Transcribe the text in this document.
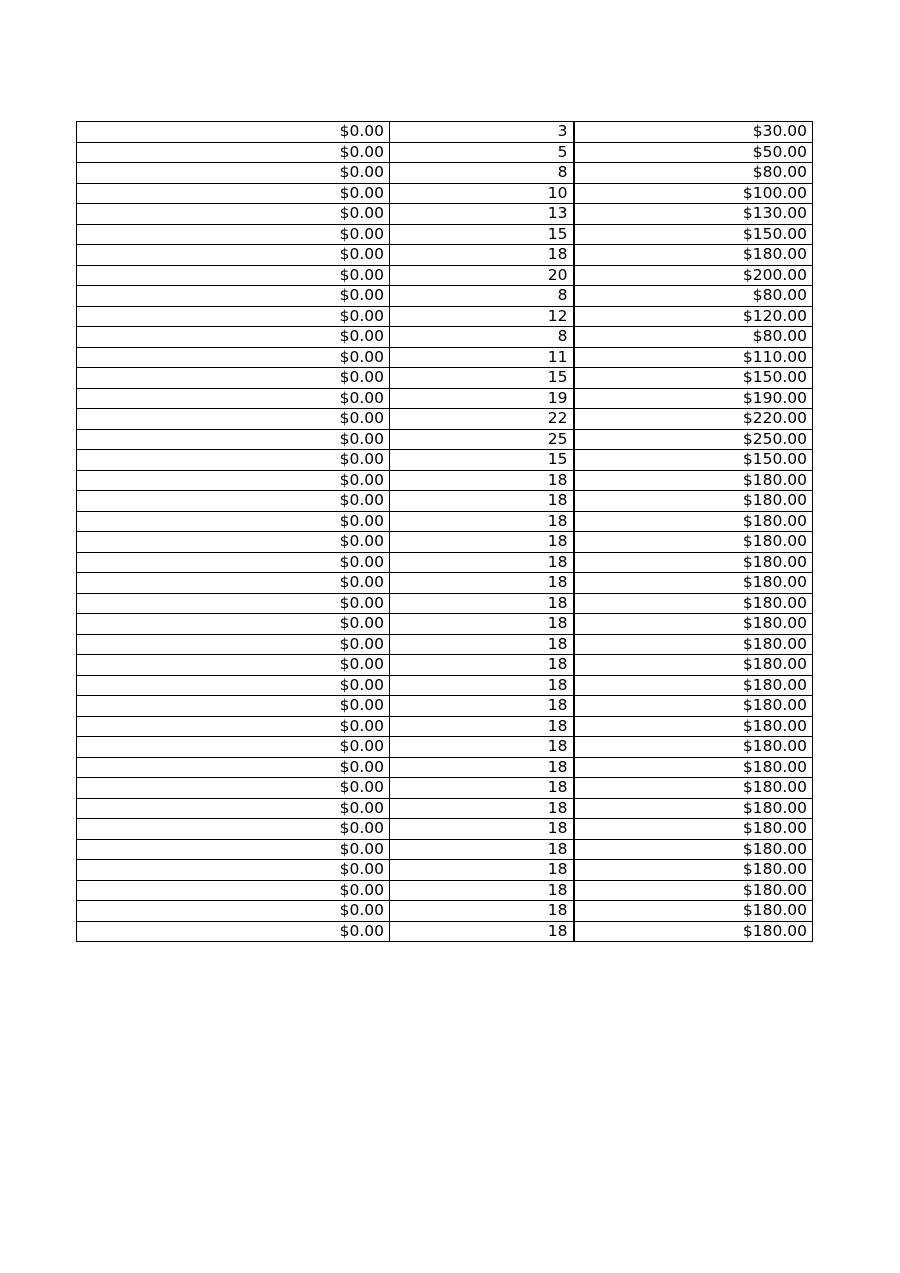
$0.00	3	$30.00
$0.00	5	$50.00
$0.00	8	$80.00
$0.00	10	$100.00
$0.00	13	$130.00
$0.00	15	$150.00
$0.00	18	$180.00
$0.00	20	$200.00
$0.00	8	$80.00
$0.00	12	$120.00
$0.00	8	$80.00
$0.00	11	$110.00
$0.00	15	$150.00
$0.00	19	$190.00
$0.00	22	$220.00
$0.00	25	$250.00
$0.00	15	$150.00
$0.00	18	$180.00
$0.00	18	$180.00
$0.00	18	$180.00
$0.00	18	$180.00
$0.00	18	$180.00
$0.00	18	$180.00
$0.00	18	$180.00
$0.00	18	$180.00
$0.00	18	$180.00
$0.00	18	$180.00
$0.00	18	$180.00
$0.00	18	$180.00
$0.00	18	$180.00
$0.00	18	$180.00
$0.00	18	$180.00
$0.00	18	$180.00
$0.00	18	$180.00
$0.00	18	$180.00
$0.00	18	$180.00
$0.00	18	$180.00
$0.00	18	$180.00
$0.00	18	$180.00
$0.00	18	$180.00
